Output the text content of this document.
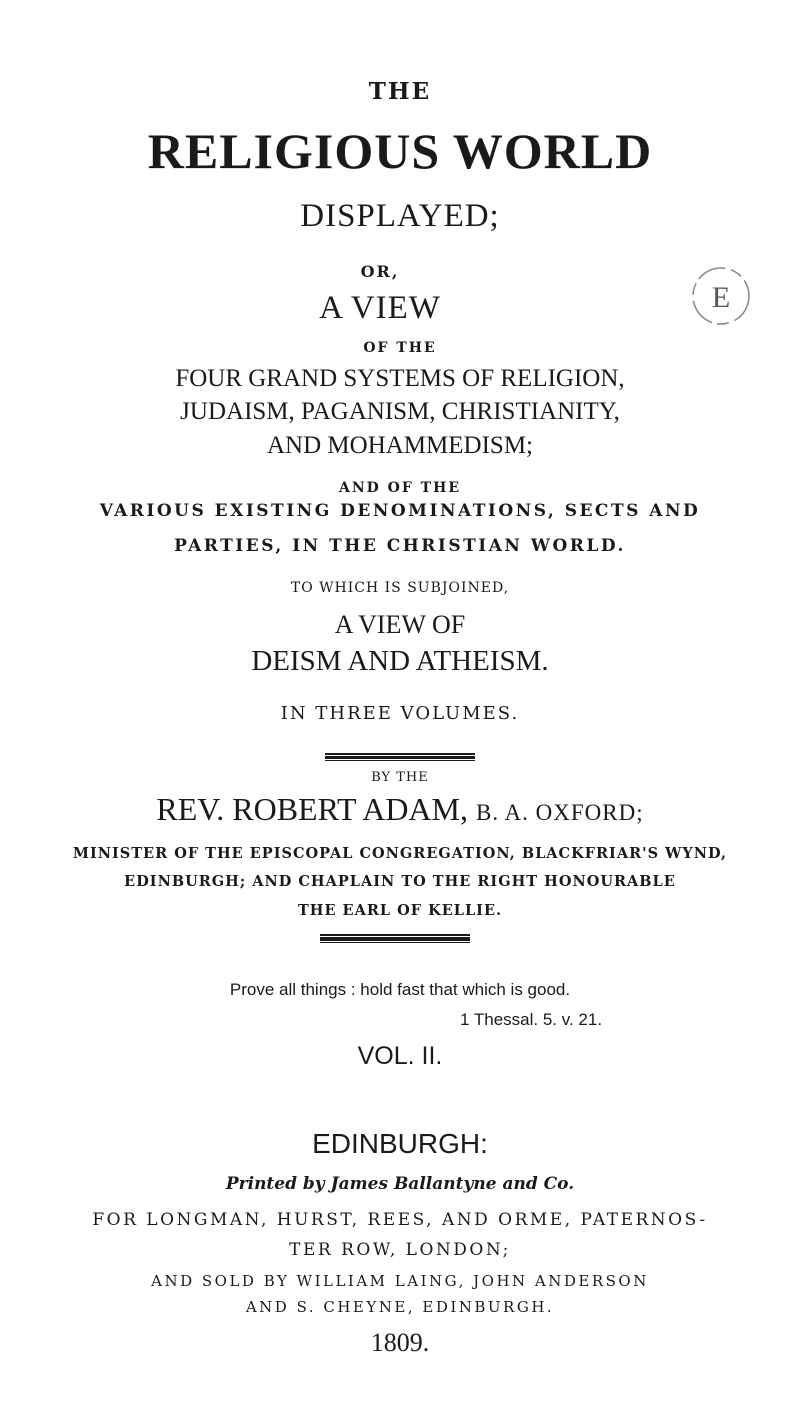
THE
RELIGIOUS WORLD
DISPLAYED;
OR,
A VIEW
OF THE
FOUR GRAND SYSTEMS OF RELIGION,
JUDAISM, PAGANISM, CHRISTIANITY,
AND MOHAMMEDISM;
AND OF THE
VARIOUS EXISTING DENOMINATIONS, SECTS AND
PARTIES, IN THE CHRISTIAN WORLD.
TO WHICH IS SUBJOINED,
A VIEW OF
DEISM AND ATHEISM.
IN THREE VOLUMES.
BY THE
REV. ROBERT ADAM, B. A. OXFORD;
MINISTER OF THE EPISCOPAL CONGREGATION, BLACKFRIAR'S WYND,
EDINBURGH; AND CHAPLAIN TO THE RIGHT HONOURABLE
THE EARL OF KELLIE.
Prove all things : hold fast that which is good.
1 Thessal. 5. v. 21.
VOL. II.
EDINBURGH:
Printed by James Ballantyne and Co.
FOR LONGMAN, HURST, REES, AND ORME, PATERNOS-
TER ROW, LONDON;
AND SOLD BY WILLIAM LAING, JOHN ANDERSON
AND S. CHEYNE, EDINBURGH.
1809.
E
